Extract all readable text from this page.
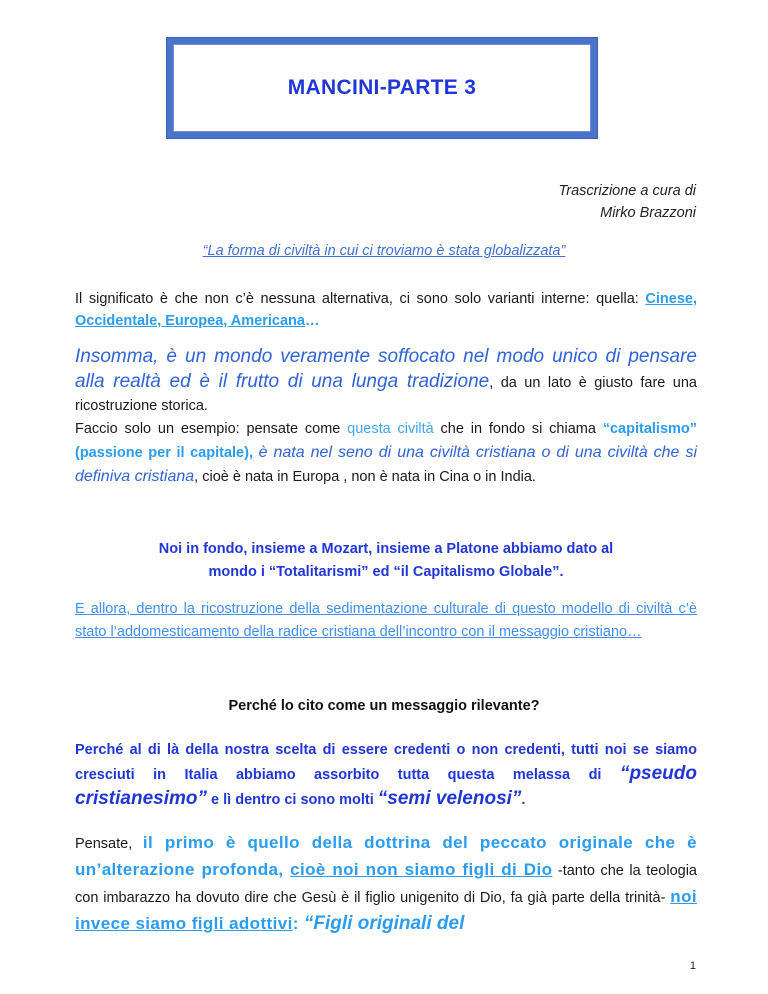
MANCINI-PARTE 3
Trascrizione a cura di
Mirko Brazzoni
“La forma di civiltà in cui ci troviamo è stata globalizzata”
Il significato è che non c’è nessuna alternativa, ci sono solo varianti interne: quella: Cinese, Occidentale, Europea, Americana…
Insomma, è un mondo veramente soffocato nel modo unico di pensare alla realtà ed è il frutto di una lunga tradizione, da un lato è giusto fare una ricostruzione storica.
Faccio solo un esempio: pensate come questa civiltà che in fondo si chiama “capitalismo” (passione per il capitale), è nata nel seno di una civiltà cristiana o di una civiltà che si definiva cristiana, cioè è nata in Europa , non è nata in Cina o in India.
Noi in fondo, insieme a Mozart, insieme a Platone abbiamo dato al
mondo i “Totalitarismi” ed “il Capitalismo Globale”.
E allora, dentro la ricostruzione della sedimentazione culturale di questo modello di civiltà c’è stato l’addomesticamento della radice cristiana dell’incontro con il messaggio cristiano…
Perché lo cito come un messaggio rilevante?
Perché al di là della nostra scelta di essere credenti o non credenti, tutti noi se siamo cresciuti in Italia abbiamo assorbito tutta questa melassa di “pseudo cristianesimo” e lì dentro ci sono molti “semi velenosi”.
Pensate, il primo è quello della dottrina del peccato originale che è un’alterazione profonda, cioè noi non siamo figli di Dio -tanto che la teologia con imbarazzo ha dovuto dire che Gesù è il figlio unigenito di Dio, fa già parte della trinità- noi invece siamo figli adottivi: “Figli originali del
1
